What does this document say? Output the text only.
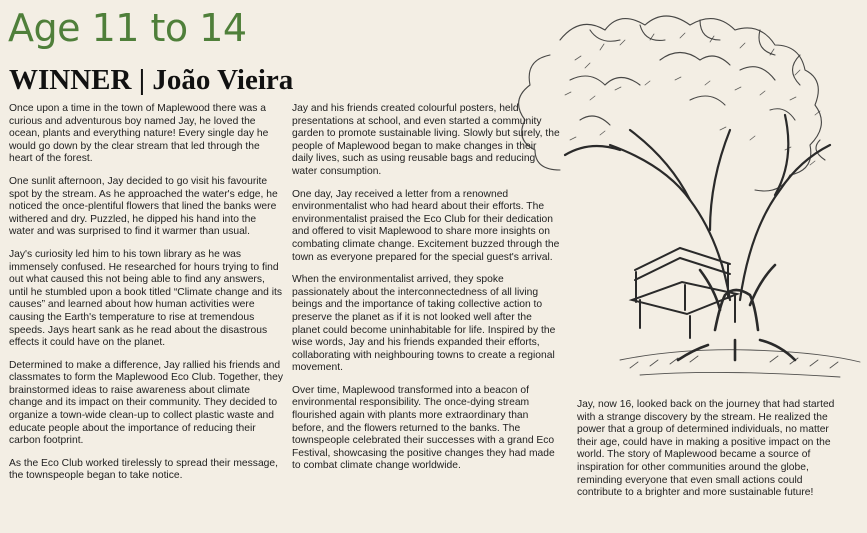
Age 11 to 14
WINNER | João Vieira

Once upon a time in the town of Maplewood there was a curious and adventurous boy named Jay, he loved the ocean, plants and everything nature! Every single day he would go down by the clear stream that led through the heart of the forest.

One sunlit afternoon, Jay decided to go visit his favourite spot by the stream. As he approached the water's edge, he noticed the once-plentiful flowers that lined the banks were withered and dry. Puzzled, he dipped his hand into the water and was surprised to find it warmer than usual.

Jay's curiosity led him to his town library as he was immensely confused. He researched for hours trying to find out what caused this not being able to find any answers, until he stumbled upon a book titled “Climate change and its causes” and learned about how human activities were causing the Earth's temperature to rise at tremendous speeds. Jays heart sank as he read about the disastrous effects it could have on the planet.

Determined to make a difference, Jay rallied his friends and classmates to form the Maplewood Eco Club. Together, they brainstormed ideas to raise awareness about climate change and its impact on their community. They decided to organize a town-wide clean-up to collect plastic waste and educate people about the importance of reducing their carbon footprint.

As the Eco Club worked tirelessly to spread their message, the townspeople began to take notice.

Jay and his friends created colourful posters, held presentations at school, and even started a community garden to promote sustainable living. Slowly but surely, the people of Maplewood began to make changes in their daily lives, such as using reusable bags and reducing water consumption.

One day, Jay received a letter from a renowned environmentalist who had heard about their efforts. The environmentalist praised the Eco Club for their dedication and offered to visit Maplewood to share more insights on combating climate change. Excitement buzzed through the town as everyone prepared for the special guest's arrival.

When the environmentalist arrived, they spoke passionately about the interconnectedness of all living beings and the importance of taking collective action to preserve the planet as if it is not looked well after the planet could become uninhabitable for life. Inspired by the wise words, Jay and his friends expanded their efforts, collaborating with neighbouring towns to create a regional movement.

Over time, Maplewood transformed into a beacon of environmental responsibility. The once-dying stream flourished again with plants more extraordinary than before, and the flowers returned to the banks. The townspeople celebrated their successes with a grand Eco Festival, showcasing the positive changes they had made to combat climate change worldwide.

Jay, now 16, looked back on the journey that had started with a strange discovery by the stream. He realized the power that a group of determined individuals, no matter their age, could have in making a positive impact on the world. The story of Maplewood became a source of inspiration for other communities around the globe, reminding everyone that even small actions could contribute to a brighter and more sustainable future!
